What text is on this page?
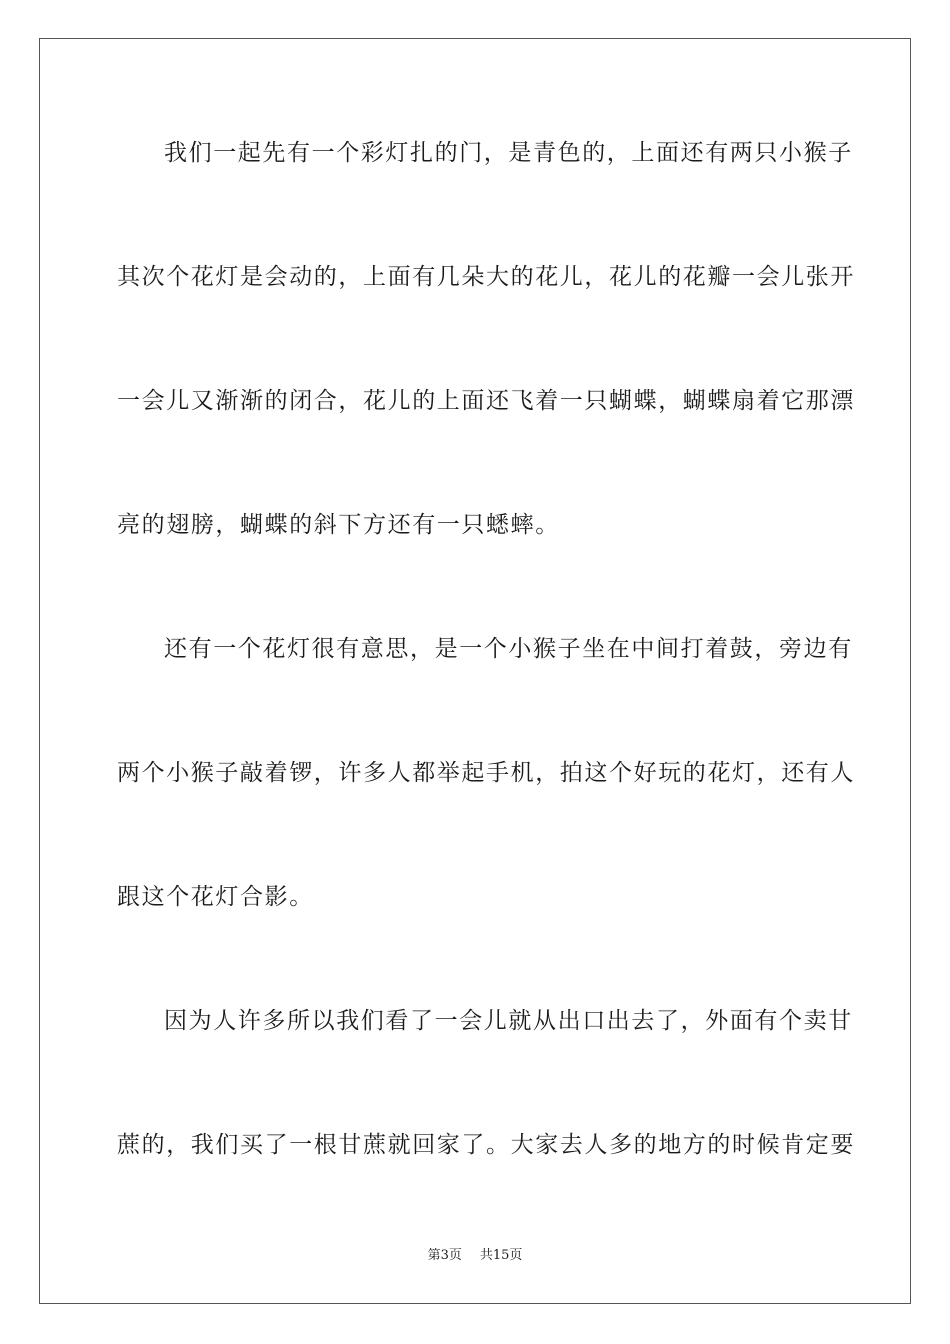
我们一起先有一个彩灯扎的门，是青色的，上面还有两只小猴子
其次个花灯是会动的，上面有几朵大的花儿，花儿的花瓣一会儿张开
一会儿又渐渐的闭合，花儿的上面还飞着一只蝴蝶，蝴蝶扇着它那漂
亮的翅膀，蝴蝶的斜下方还有一只蟋蟀。
还有一个花灯很有意思，是一个小猴子坐在中间打着鼓，旁边有
两个小猴子敲着锣，许多人都举起手机，拍这个好玩的花灯，还有人
跟这个花灯合影。
因为人许多所以我们看了一会儿就从出口出去了，外面有个卖甘
蔗的，我们买了一根甘蔗就回家了。大家去人多的地方的时候肯定要
第3页 共15页
